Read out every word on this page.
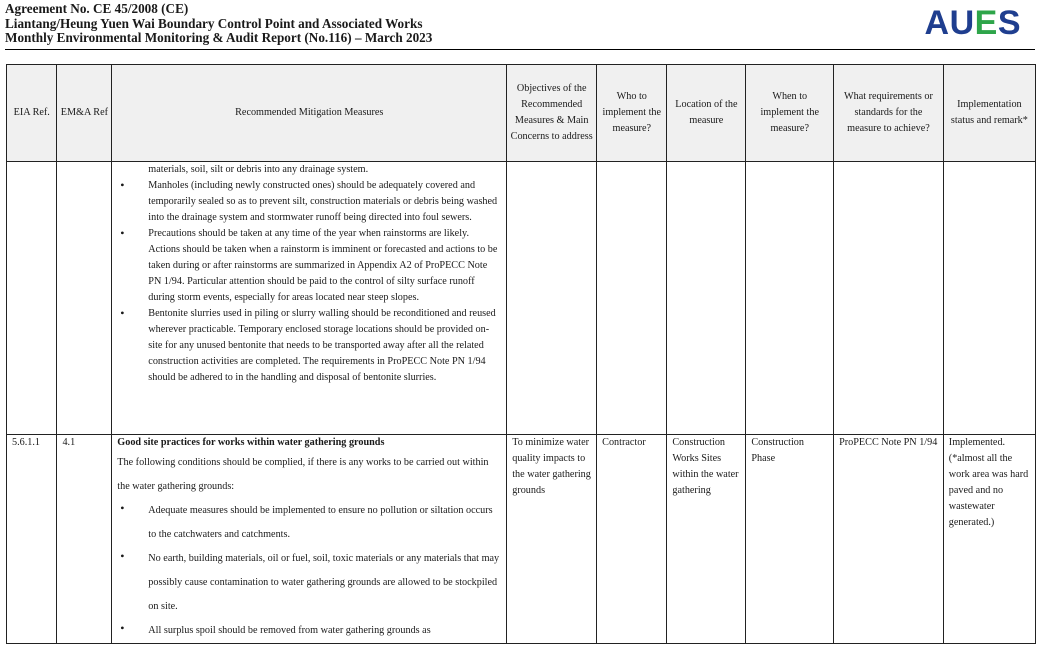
Agreement No. CE 45/2008 (CE)
Liantang/Heung Yuen Wai Boundary Control Point and Associated Works
Monthly Environmental Monitoring & Audit Report (No.116) – March 2023	AUES
EIA Ref.	EM&A Ref	Recommended Mitigation Measures	Objectives of the Recommended Measures & Main Concerns to address	Who to implement the measure?	Location of the measure	When to implement the measure?	What requirements or standards for the measure to achieve?	Implementation status and remark*

		materials, soil, silt or debris into any drainage system.

• Manholes (including newly constructed ones) should be adequately covered and temporarily sealed so as to prevent silt, construction materials or debris being washed into the drainage system and stormwater runoff being directed into foul sewers.

• Precautions should be taken at any time of the year when rainstorms are likely. Actions should be taken when a rainstorm is imminent or forecasted and actions to be taken during or after rainstorms are summarized in Appendix A2 of ProPECC Note PN 1/94. Particular attention should be paid to the control of silty surface runoff during storm events, especially for areas located near steep slopes.

• Bentonite slurries used in piling or slurry walling should be reconditioned and reused wherever practicable. Temporary enclosed storage locations should be provided on-site for any unused bentonite that needs to be transported away after all the related construction activities are completed. The requirements in ProPECC Note PN 1/94 should be adhered to in the handling and disposal of bentonite slurries.

5.6.1.1	4.1	Good site practices for works within water gathering grounds
The following conditions should be complied, if there is any works to be carried out within the water gathering grounds:
• Adequate measures should be implemented to ensure no pollution or siltation occurs to the catchwaters and catchments.
• No earth, building materials, oil or fuel, soil, toxic materials or any materials that may possibly cause contamination to water gathering grounds are allowed to be stockpiled on site.
• All surplus spoil should be removed from water gathering grounds as	To minimize water quality impacts to the water gathering grounds	Contractor	Construction Works Sites within the water gathering	Construction Phase	ProPECC Note PN 1/94	Implemented. (*almost all the work area was hard paved and no wastewater generated.)
